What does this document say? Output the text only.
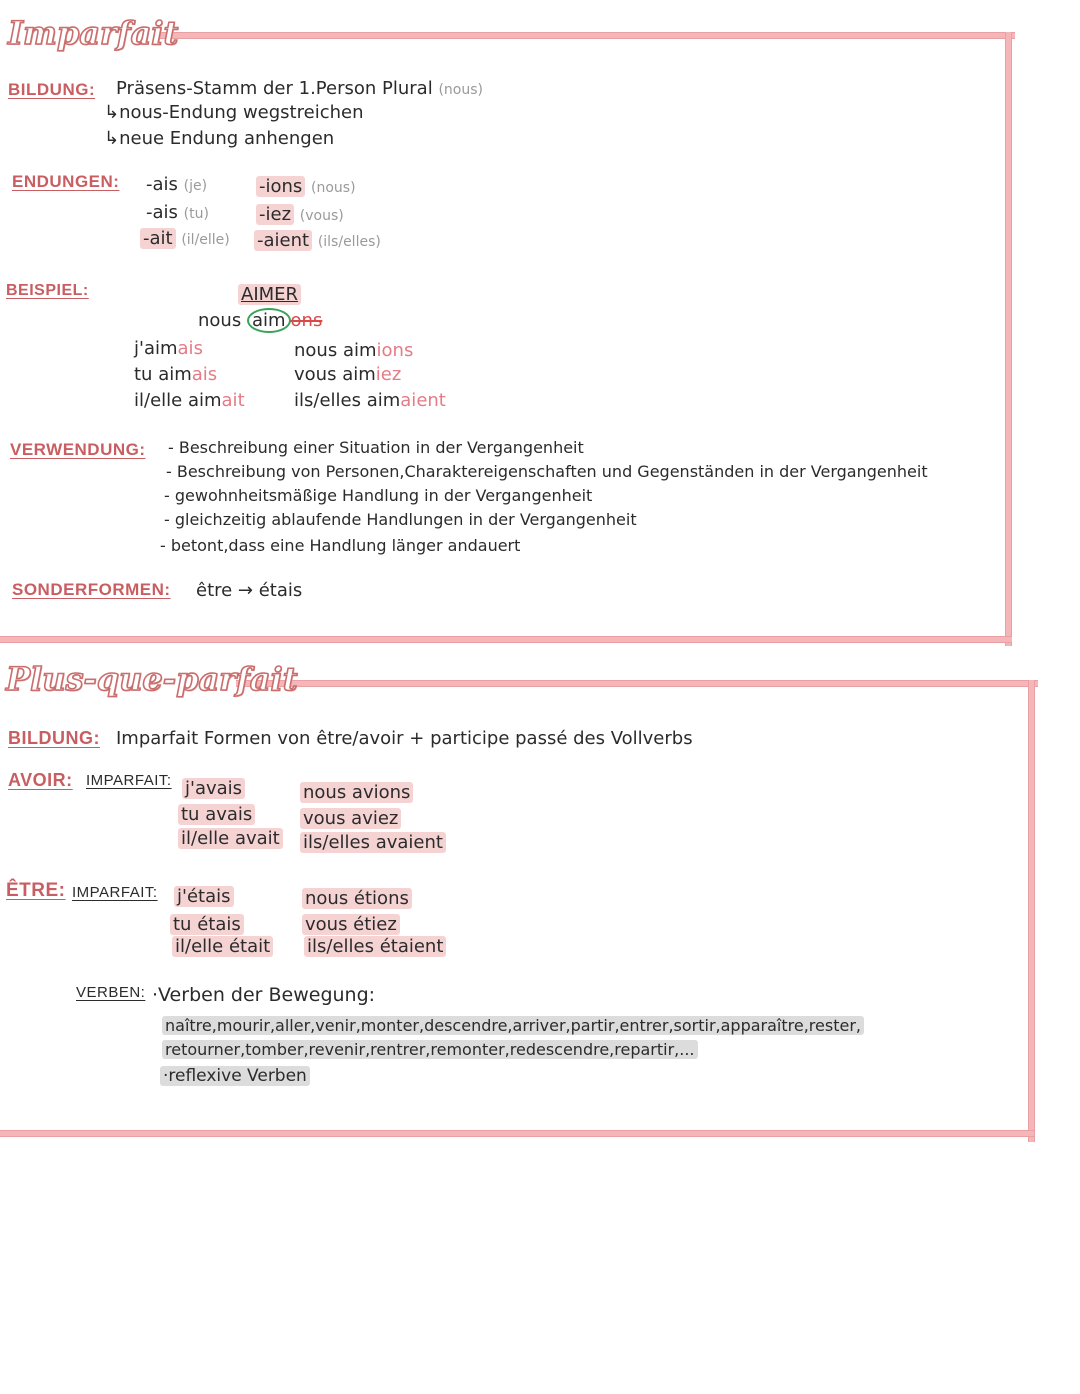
Imparfait
BILDUNG: Präsens-Stamm der 1.Person Plural (nous)
↳nous-Endung wegstreichen
↳neue Endung anhengen
ENDUNGEN: -ais (je)
-ais (tu)
-ait (il/elle)
-ions (nous)
-iez (vous)
-aient (ils/elles)
BEISPIEL:	AIMER
nous aim ons
j'aimais
tu aimais
il/elle aimait
nous aimions
vous aimiez
ils/elles aimaient
VERWENDUNG: - Beschreibung einer Situation in der Vergangenheit
- Beschreibung von Personen,Charaktereigenschaften und Gegenständen in der Vergangenheit
- gewohnheitsmäßige Handlung in der Vergangenheit
- gleichzeitig ablaufende Handlungen in der Vergangenheit
- betont,dass eine Handlung länger andauert
SONDERFORMEN: être → étais
Plus-que-parfait
BILDUNG: Imparfait Formen von être/avoir + participe passé des Vollverbs
AVOIR: IMPARFAIT: j'avais
tu avais
il/elle avait
nous avions
vous aviez
ils/elles avaient
ÊTRE: IMPARFAIT: j'étais
tu étais
il/elle était
nous étions
vous étiez
ils/elles étaient
VERBEN: ·Verben der Bewegung:
naître,mourir,aller,venir,monter,descendre,arriver,partir,entrer,sortir,apparaître,rester,
retourner,tomber,revenir,rentrer,remonter,redescendre,repartir,...
·reflexive Verben
